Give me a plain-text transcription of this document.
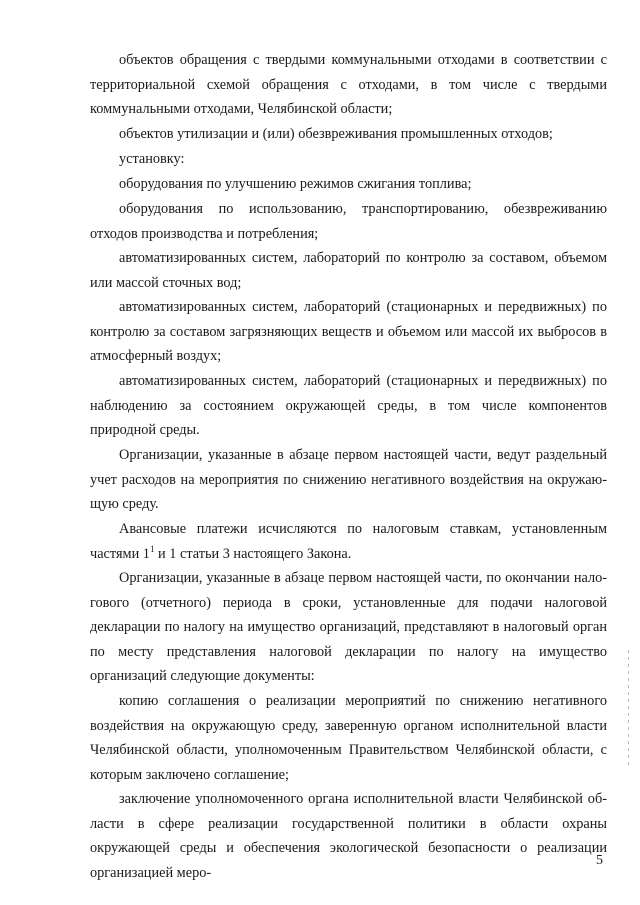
объектов обращения с твердыми коммунальными отходами в соответствии с территориальной схемой обращения с отходами, в том числе с твердыми коммунальными отходами, Челябинской области;

объектов утилизации и (или) обезвреживания промышленных отходов;

установку:

оборудования по улучшению режимов сжигания топлива;

оборудования по использованию, транспортированию, обезвреживанию отходов производства и потребления;

автоматизированных систем, лабораторий по контролю за составом, объемом или массой сточных вод;

автоматизированных систем, лабораторий (стационарных и передвижных) по контролю за составом загрязняющих веществ и объемом или массой их выбросов в атмосферный воздух;

автоматизированных систем, лабораторий (стационарных и передвижных) по наблюдению за состоянием окружающей среды, в том числе компонентов природной среды.

Организации, указанные в абзаце первом настоящей части, ведут раздельный учет расходов на мероприятия по снижению негативного воздействия на окружающую среду.

Авансовые платежи исчисляются по налоговым ставкам, установленным частями $1^1$ и 1 статьи 3 настоящего Закона.

Организации, указанные в абзаце первом настоящей части, по окончании налогового (отчетного) периода в сроки, установленные для подачи налоговой декларации по налогу на имущество организаций, представляют в налоговый орган по месту представления налоговой декларации по налогу на имущество организаций следующие документы:

копию соглашения о реализации мероприятий по снижению негативного воздействия на окружающую среду, заверенную органом исполнительной власти Челябинской области, уполномоченным Правительством Челябинской области, с которым заключено соглашение;

заключение уполномоченного органа исполнительной власти Челябинской области в сфере реализации государственной политики в области охраны окружающей среды и обеспечения экологической безопасности о реализации организацией меро-

5
